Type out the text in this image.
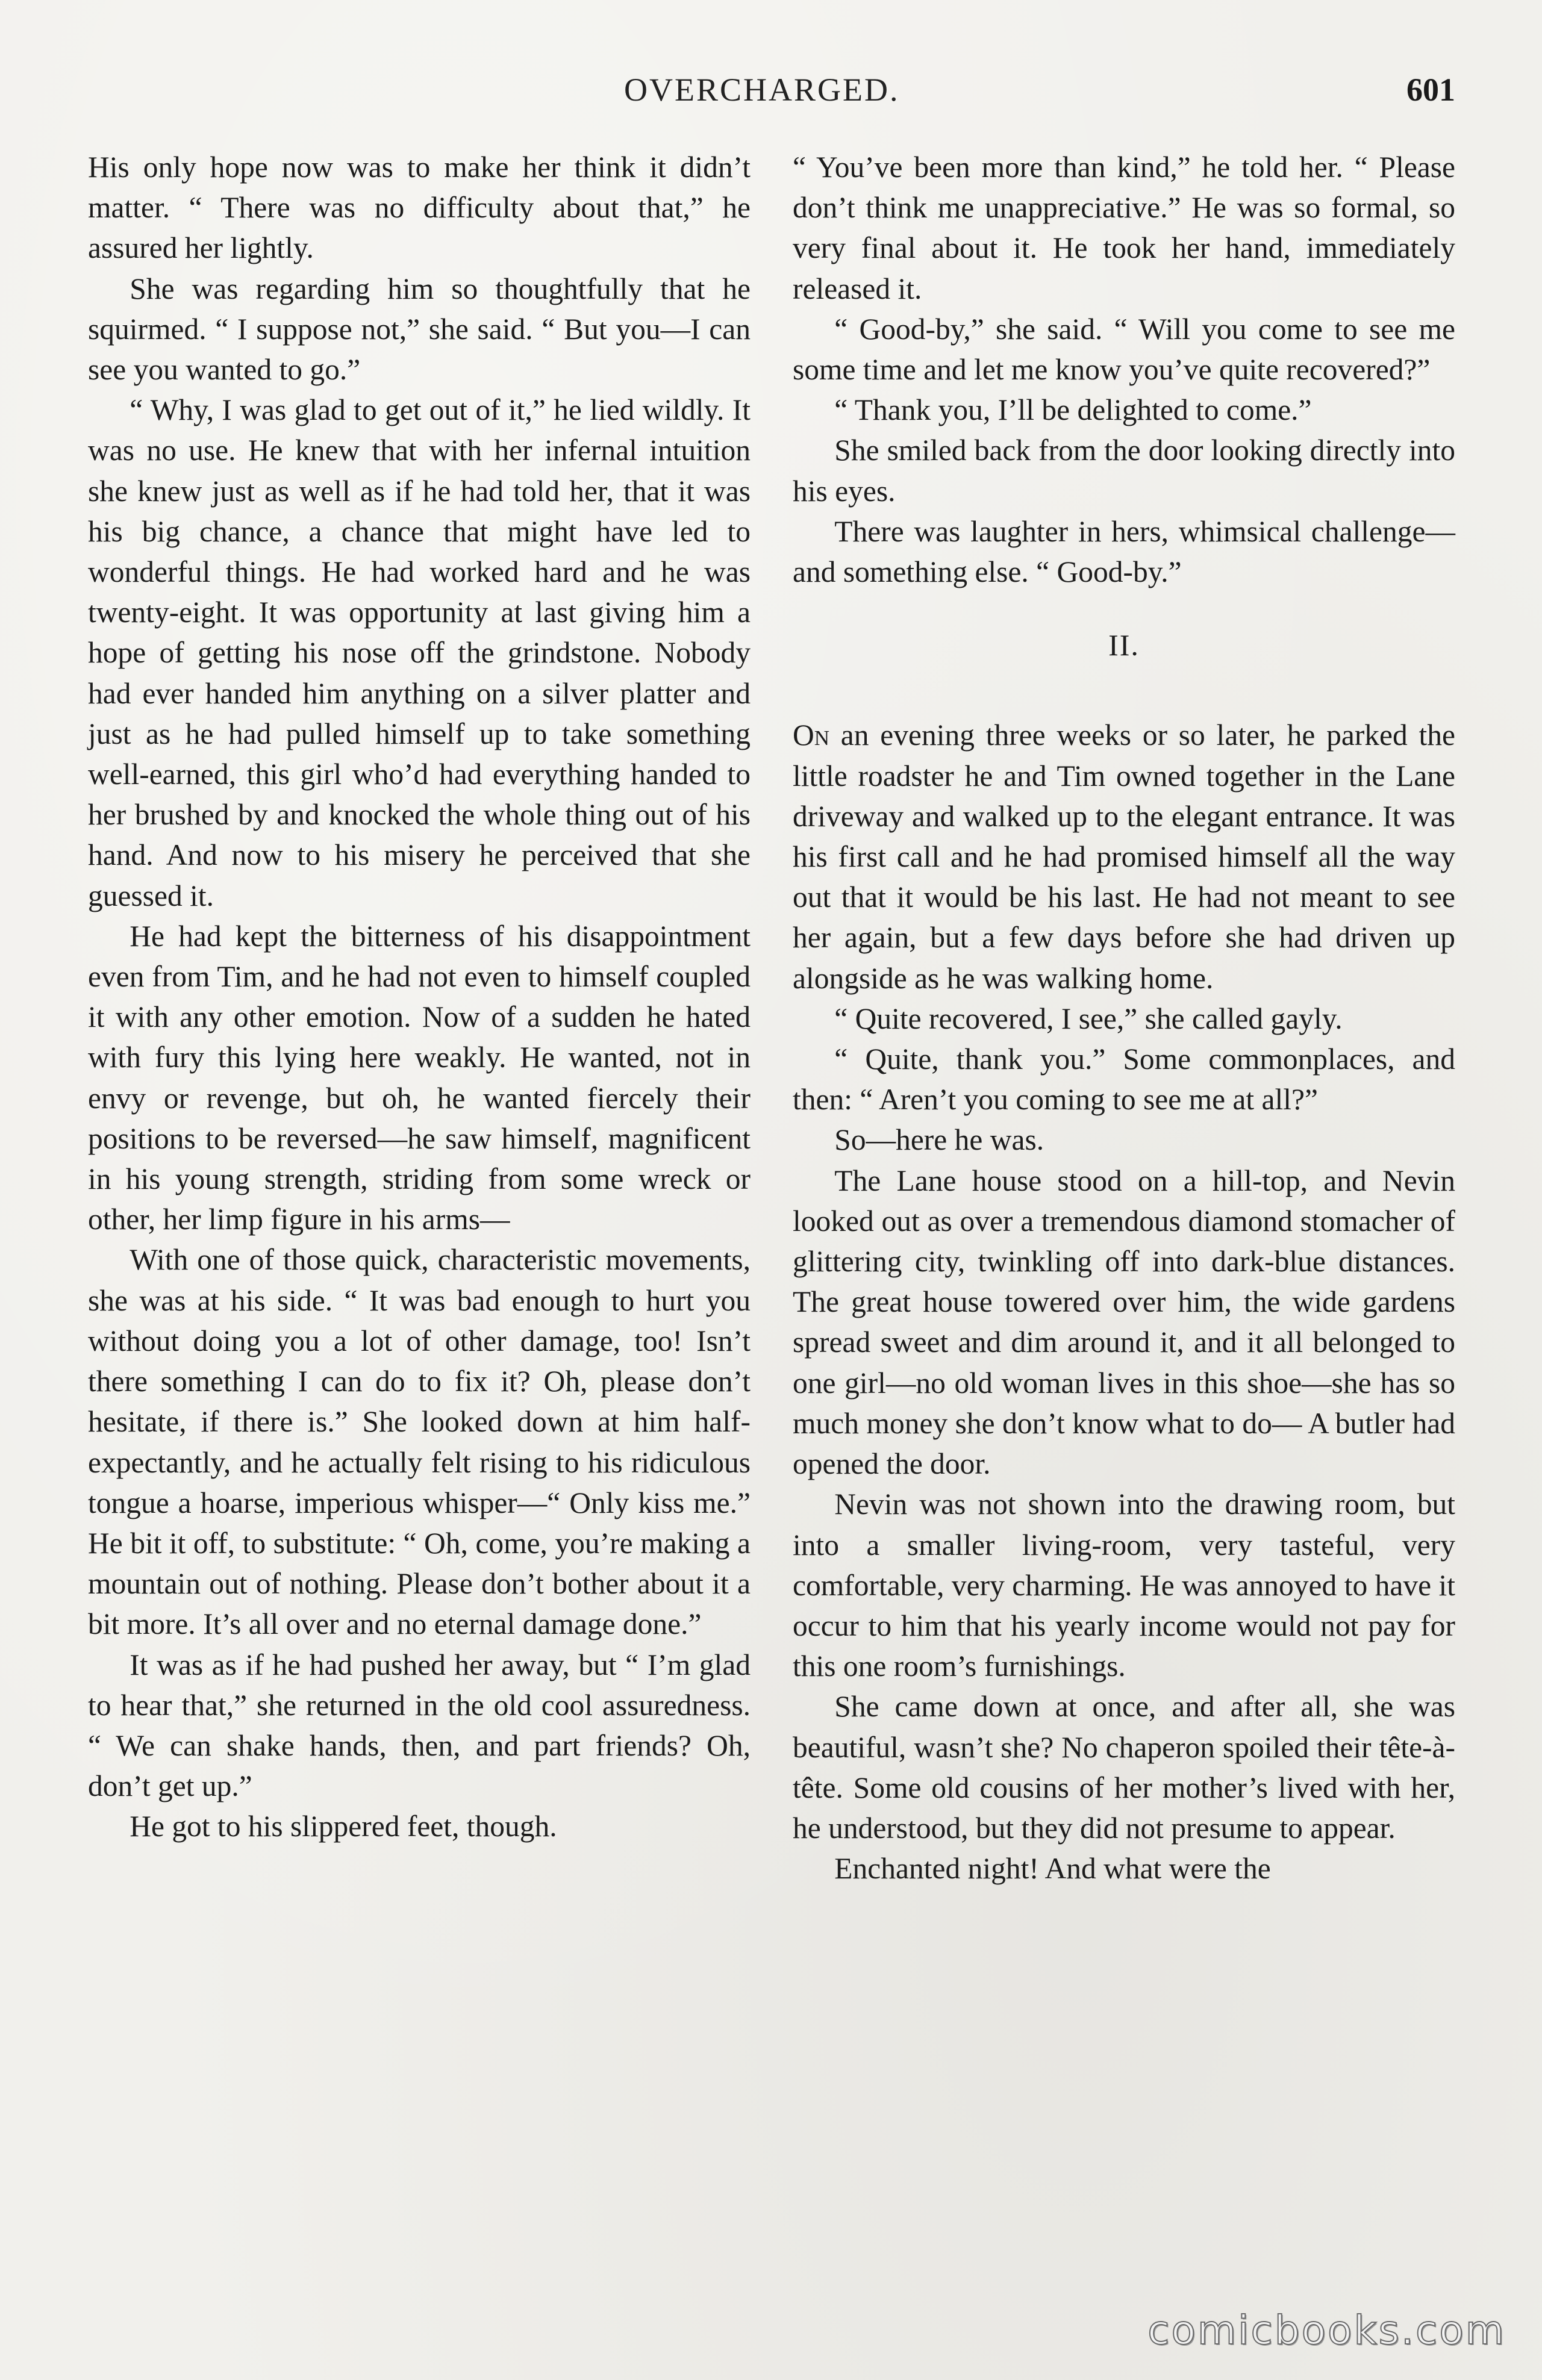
OVERCHARGED.	601

His only hope now was to make her think it didn’t matter. “ There was no difficulty about that,” he assured her lightly.

She was regarding him so thoughtfully that he squirmed. “ I suppose not,” she said. “ But you—I can see you wanted to go.”

“ Why, I was glad to get out of it,” he lied wildly. It was no use. He knew that with her infernal intuition she knew just as well as if he had told her, that it was his big chance, a chance that might have led to wonderful things. He had worked hard and he was twenty-eight. It was opportunity at last giving him a hope of getting his nose off the grindstone. Nobody had ever handed him anything on a silver platter and just as he had pulled himself up to take something well-earned, this girl who’d had everything handed to her brushed by and knocked the whole thing out of his hand. And now to his misery he perceived that she guessed it.

He had kept the bitterness of his disappointment even from Tim, and he had not even to himself coupled it with any other emotion. Now of a sudden he hated with fury this lying here weakly. He wanted, not in envy or revenge, but oh, he wanted fiercely their positions to be reversed—he saw himself, magnificent in his young strength, striding from some wreck or other, her limp figure in his arms—

With one of those quick, characteristic movements, she was at his side. “ It was bad enough to hurt you without doing you a lot of other damage, too! Isn’t there something I can do to fix it? Oh, please don’t hesitate, if there is.” She looked down at him half-expectantly, and he actually felt rising to his ridiculous tongue a hoarse, imperious whisper—“ Only kiss me.” He bit it off, to substitute: “ Oh, come, you’re making a mountain out of nothing. Please don’t bother about it a bit more. It’s all over and no eternal damage done.”

It was as if he had pushed her away, but “ I’m glad to hear that,” she returned in the old cool assuredness. “ We can shake hands, then, and part friends? Oh, don’t get up.”

He got to his slippered feet, though.

“ You’ve been more than kind,” he told her. “ Please don’t think me unappreciative.” He was so formal, so very final about it. He took her hand, immediately released it.

“ Good-by,” she said. “ Will you come to see me some time and let me know you’ve quite recovered?”

“ Thank you, I’ll be delighted to come.”

She smiled back from the door looking directly into his eyes.

There was laughter in hers, whimsical challenge—and something else. “ Good-by.”

II.

On an evening three weeks or so later, he parked the little roadster he and Tim owned together in the Lane driveway and walked up to the elegant entrance. It was his first call and he had promised himself all the way out that it would be his last. He had not meant to see her again, but a few days before she had driven up alongside as he was walking home.

“ Quite recovered, I see,” she called gayly.

“ Quite, thank you.” Some commonplaces, and then: “ Aren’t you coming to see me at all?”

So—here he was.

The Lane house stood on a hill-top, and Nevin looked out as over a tremendous diamond stomacher of glittering city, twinkling off into dark-blue distances. The great house towered over him, the wide gardens spread sweet and dim around it, and it all belonged to one girl—no old woman lives in this shoe—she has so much money she don’t know what to do— A butler had opened the door.

Nevin was not shown into the drawing room, but into a smaller living-room, very tasteful, very comfortable, very charming. He was annoyed to have it occur to him that his yearly income would not pay for this one room’s furnishings.

She came down at once, and after all, she was beautiful, wasn’t she? No chaperon spoiled their tête-à-tête. Some old cousins of her mother’s lived with her, he understood, but they did not presume to appear.

Enchanted night! And what were the

comicbooks.com
